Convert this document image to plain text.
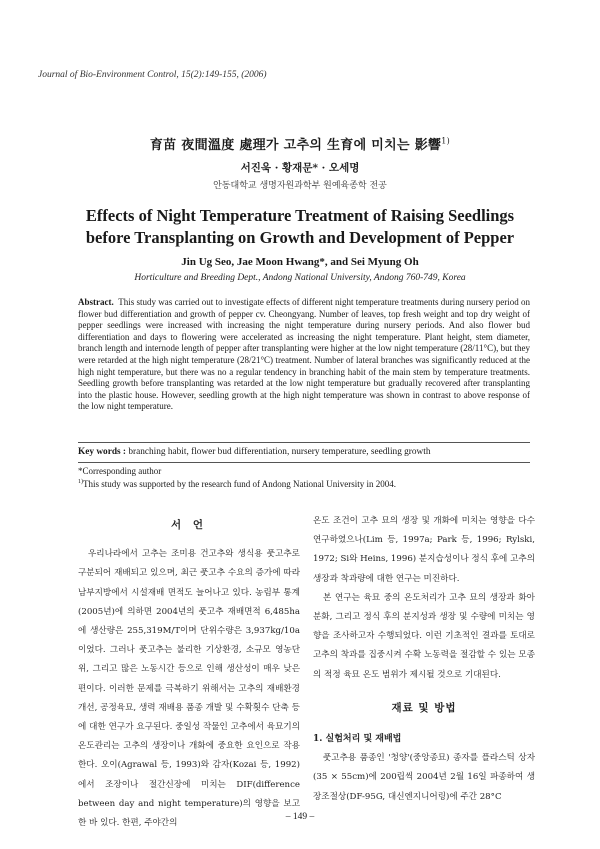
Journal of Bio-Environment Control, 15(2):149-155, (2006)
育苗 夜間溫度 處理가 고추의 生育에 미치는 影響$^{1)}$
서진욱 · 황재문* · 오세명
안동대학교 생명자원과학부 원예육종학 전공
Effects of Night Temperature Treatment of Raising Seedlings
before Transplanting on Growth and Development of Pepper
Jin Ug Seo, Jae Moon Hwang*, and Sei Myung Oh
Horticulture and Breeding Dept., Andong National University, Andong 760-749, Korea
Abstract. This study was carried out to investigate effects of different night temperature treatments during nursery period on flower bud differentiation and growth of pepper cv. Cheongyang. Number of leaves, top fresh weight and top dry weight of pepper seedlings were increased with increasing the night temperature during nursery periods. And also flower bud differentiation and days to flowering were accelerated as increasing the night temperature. Plant height, stem diameter, branch length and internode length of pepper after transplanting were higher at the low night temperature (28/11°C), but they were retarded at the high night temperature (28/21°C) treatment. Number of lateral branches was significantly reduced at the high night temperature, but there was no a regular tendency in branching habit of the main stem by temperature treatments. Seedling growth before transplanting was retarded at the low night temperature but gradually recovered after transplanting into the plastic house. However, seedling growth at the high night temperature was shown in contrast to above response of the low night temperature.
Key words : branching habit, flower bud differentiation, nursery temperature, seedling growth
*Corresponding author
$^{1)}$This study was supported by the research fund of Andong National University in 2004.
서 언

우리나라에서 고추는 조미용 건고추와 생식용 풋고추로 구분되어 재배되고 있으며, 최근 풋고추 수요의 증가에 따라 남부지방에서 시설재배 면적도 늘어나고 있다. 농림부 통계(2005년)에 의하면 2004년의 풋고추 재배면적 6,485ha에 생산량은 255,319M/T이며 단위수량은 3,937kg/10a이었다. 그러나 풋고추는 불리한 기상환경, 소규모 영농단위, 그리고 많은 노동시간 등으로 인해 생산성이 매우 낮은 편이다. 이러한 문제를 극복하기 위해서는 고추의 재배환경 개선, 공정육묘, 생력 재배용 품종 개발 및 수확횟수 단축 등에 대한 연구가 요구된다. 중일성 작물인 고추에서 육묘기의 온도관리는 고추의 생장이나 개화에 중요한 요인으로 작용한다. 오이(Agrawal 등, 1993)와 감자(Kozai 등, 1992)에서 조장이나 절간신장에 미치는 DIF(difference between day and night temperature)의 영향을 보고한 바 있다. 한편, 주야간의

온도 조건이 고추 묘의 생장 및 개화에 미치는 영향을 다수 연구하였으나(Lim 등, 1997a; Park 등, 1996; Rylski, 1972; Si와 Heins, 1996) 분지습성이나 정식 후에 고추의 생장과 착과량에 대한 연구는 미진하다.

본 연구는 육묘 중의 온도처리가 고추 묘의 생장과 화아분화, 그리고 정식 후의 분지성과 생장 및 수량에 미치는 영향을 조사하고자 수행되었다. 이런 기초적인 결과를 토대로 고추의 착과를 집중시켜 수확 노동력을 절감할 수 있는 모종의 적정 육묘 온도 범위가 제시될 것으로 기대된다.

재료 및 방법
1. 실험처리 및 재배법

풋고추용 품종인 '청양'(중앙종묘) 종자를 플라스틱 상자(35 × 55cm)에 200립씩 2004년 2월 16일 파종하여 생장조절상(DF-95G, 대신엔지니어링)에 주간 28°C

– 149 –
